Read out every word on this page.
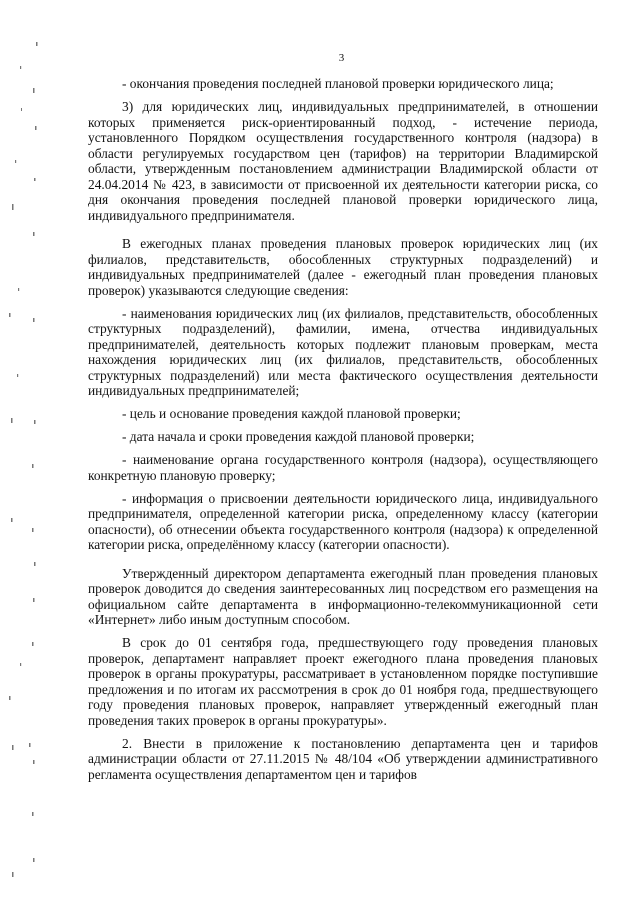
3

- окончания проведения последней плановой проверки юридического лица;

3) для юридических лиц, индивидуальных предпринимателей, в отношении которых применяется риск-ориентированный подход, - истечение периода, установленного Порядком осуществления государственного контроля (надзора) в области регулируемых государством цен (тарифов) на территории Владимирской области, утвержденным постановлением администрации Владимирской области от 24.04.2014 № 423, в зависимости от присвоенной их деятельности категории риска, со дня окончания проведения последней плановой проверки юридического лица, индивидуального предпринимателя.

В ежегодных планах проведения плановых проверок юридических лиц (их филиалов, представительств, обособленных структурных подразделений) и индивидуальных предпринимателей (далее - ежегодный план проведения плановых проверок) указываются следующие сведения:

- наименования юридических лиц (их филиалов, представительств, обособленных структурных подразделений), фамилии, имена, отчества индивидуальных предпринимателей, деятельность которых подлежит плановым проверкам, места нахождения юридических лиц (их филиалов, представительств, обособленных структурных подразделений) или места фактического осуществления деятельности индивидуальных предпринимателей;

- цель и основание проведения каждой плановой проверки;

- дата начала и сроки проведения каждой плановой проверки;

- наименование органа государственного контроля (надзора), осуществляющего конкретную плановую проверку;

- информация о присвоении деятельности юридического лица, индивидуального предпринимателя, определенной категории риска, определенному классу (категории опасности), об отнесении объекта государственного контроля (надзора) к определенной категории риска, определённому классу (категории опасности).

Утвержденный директором департамента ежегодный план проведения плановых проверок доводится до сведения заинтересованных лиц посредством его размещения на официальном сайте департамента в информационно-телекоммуникационной сети «Интернет» либо иным доступным способом.

В срок до 01 сентября года, предшествующего году проведения плановых проверок, департамент направляет проект ежегодного плана проведения плановых проверок в органы прокуратуры, рассматривает в установленном порядке поступившие предложения и по итогам их рассмотрения в срок до 01 ноября года, предшествующего году проведения плановых проверок, направляет утвержденный ежегодный план проведения таких проверок в органы прокуратуры».

2. Внести в приложение к постановлению департамента цен и тарифов администрации области от 27.11.2015 № 48/104 «Об утверждении административного регламента осуществления департаментом цен и тарифов
